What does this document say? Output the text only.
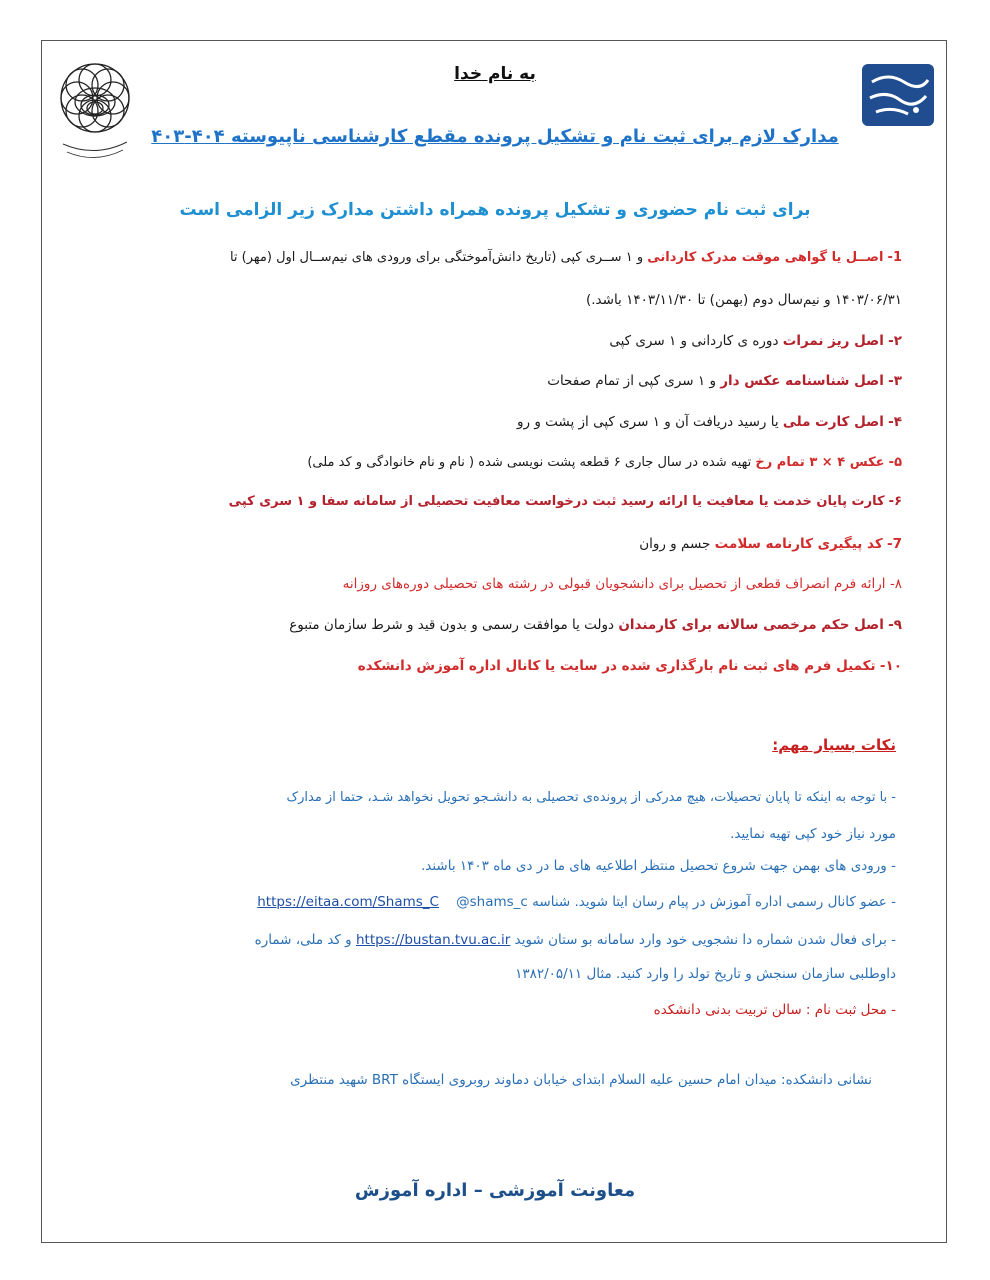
به نام خدا
مدارک لازم برای ثبت نام و تشکیل پرونده مقطع کارشناسی ناپیوسته ۴۰۴-۴۰۳
برای ثبت نام حضوری و تشکیل پرونده همراه داشتن مدارک زیر الزامی است
1- اصــل یا گواهی موقت مدرک کاردانی و ۱ ســری کپی (تاریخ دانش‌آموختگی برای ورودی های نیم‌ســال اول (مهر) تا
۱۴۰۳/۰۶/۳۱ و نیم‌سال دوم (بهمن) تا ۱۴۰۳/۱۱/۳۰ باشد.)
۲- اصل ریز نمرات دوره ی کاردانی و ۱ سری کپی
۳- اصل شناسنامه عکس دار و ۱ سری کپی از تمام صفحات
۴- اصل کارت ملی یا رسید دریافت آن و ۱ سری کپی از پشت و رو
۵- عکس ۴ × ۳ تمام رخ تهیه شده در سال جاری ۶ قطعه پشت نویسی شده ( نام و نام خانوادگی و کد ملی)
۶- کارت پایان خدمت یا معافیت یا ارائه رسید ثبت درخواست معافیت تحصیلی از سامانه سفا و ۱ سری کپی
7- کد پیگیری کارنامه سلامت جسم و روان
۸- ارائه فرم انصراف قطعی از تحصیل برای دانشجویان قبولی در رشته های تحصیلی دوره‌های روزانه
۹- اصل حکم مرخصی سالانه برای کارمندان دولت یا موافقت رسمی و بدون قید و شرط سازمان متبوع
۱۰- تکمیل فرم های ثبت نام بارگذاری شده در سایت یا کانال اداره آموزش دانشکده
نکات بسیار مهم:
- با توجه به اینکه تا پایان تحصیلات، هیچ مدرکی از پرونده‌ی تحصیلی به دانشـجو تحویل نخواهد شـد، حتما از مدارک
مورد نیاز خود کپی تهیه نمایید.
- ورودی های بهمن جهت شروع تحصیل منتظر اطلاعیه های ما در دی ماه ۱۴۰۳ باشند.
- عضو کانال رسمی اداره آموزش در پیام رسان ایتا شوید. شناسه @shams_c    https://eitaa.com/Shams_C
- برای فعال شدن شماره دا نشجویی خود وارد سامانه بو ستان شوید https://bustan.tvu.ac.ir و کد ملی، شماره
داوطلبی سازمان سنجش و تاریخ تولد را وارد کنید. مثال ۱۳۸۲/۰۵/۱۱
- محل ثبت نام : سالن تربیت بدنی دانشکده
نشانی دانشکده: میدان امام حسین علیه السلام ابتدای خیابان دماوند روبروی ایستگاه BRT شهید منتظری
معاونت آموزشی – اداره آموزش
